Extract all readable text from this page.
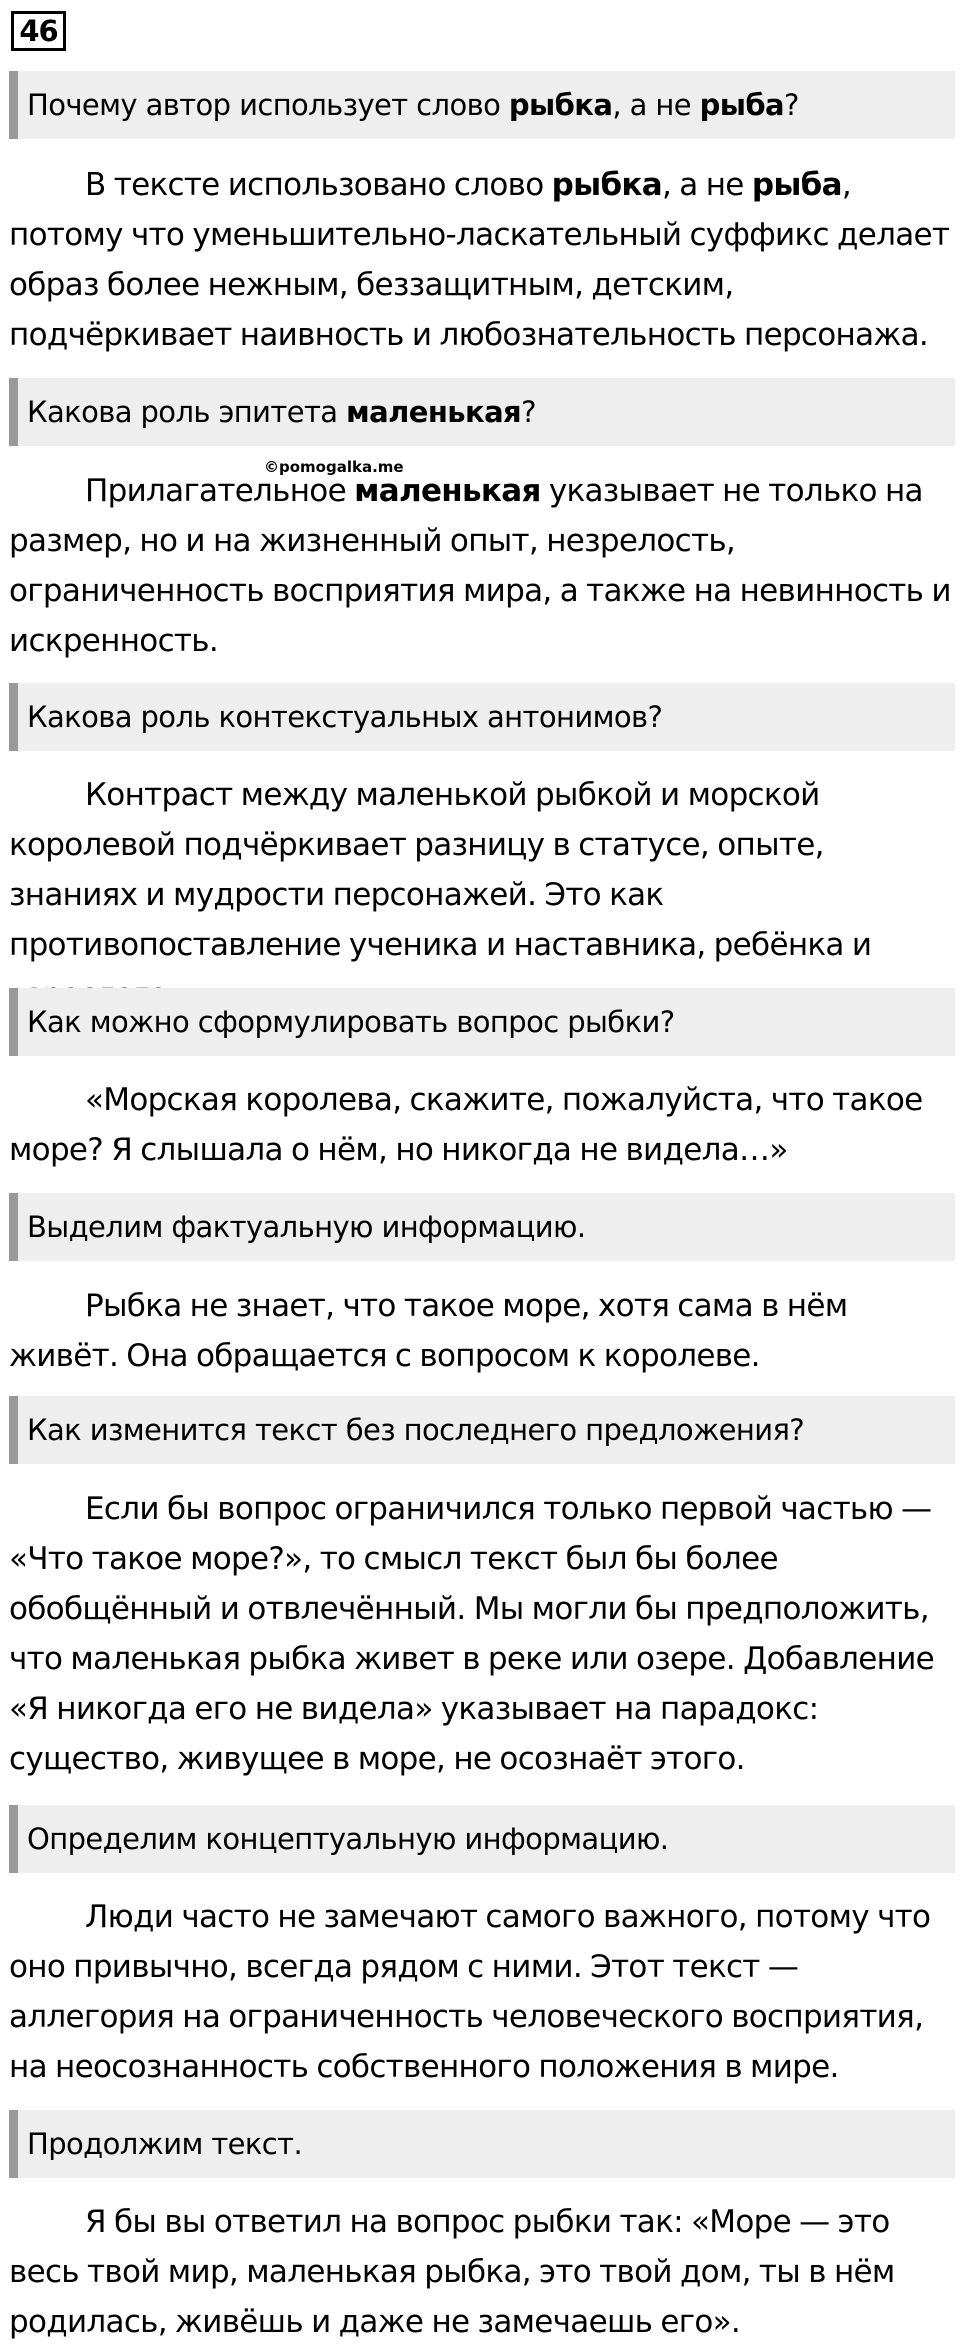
46
Почему автор использует слово рыбка, а не рыба?

В тексте использовано слово рыбка, а не рыба, потому что уменьшительно-ласкательный суффикс делает образ более нежным, беззащитным, детским, подчёркивает наивность и любознательность персонажа.

Какова роль эпитета маленькая?

Прилагательное маленькая указывает не только на размер, но и на жизненный опыт, незрелость, ограниченность восприятия мира, а также на невинность и искренность.

Какова роль контекстуальных антонимов?

Контраст между маленькой рыбкой и морской королевой подчёркивает разницу в статусе, опыте, знаниях и мудрости персонажей. Это как противопоставление ученика и наставника, ребёнка и

Как можно сформулировать вопрос рыбки?

«Морская королева, скажите, пожалуйста, что такое море? Я слышала о нём, но никогда не видела…»

Выделим фактуальную информацию.

Рыбка не знает, что такое море, хотя сама в нём живёт. Она обращается с вопросом к королеве.

Как изменится текст без последнего предложения?

Если бы вопрос ограничился только первой частью — «Что такое море?», то смысл текст был бы более обобщённый и отвлечённый. Мы могли бы предположить, что маленькая рыбка живет в реке или озере. Добавление «Я никогда его не видела» указывает на парадокс: существо, живущее в море, не осознаёт этого.

Определим концептуальную информацию.

Люди часто не замечают самого важного, потому что оно привычно, всегда рядом с ними. Этот текст — аллегория на ограниченность человеческого восприятия, на неосознанность собственного положения в мире.

Продолжим текст.

Я бы вы ответил на вопрос рыбки так: «Море — это весь твой мир, маленькая рыбка, это твой дом, ты в нём родилась, живёшь и даже не замечаешь его».

©pomogalka.me
